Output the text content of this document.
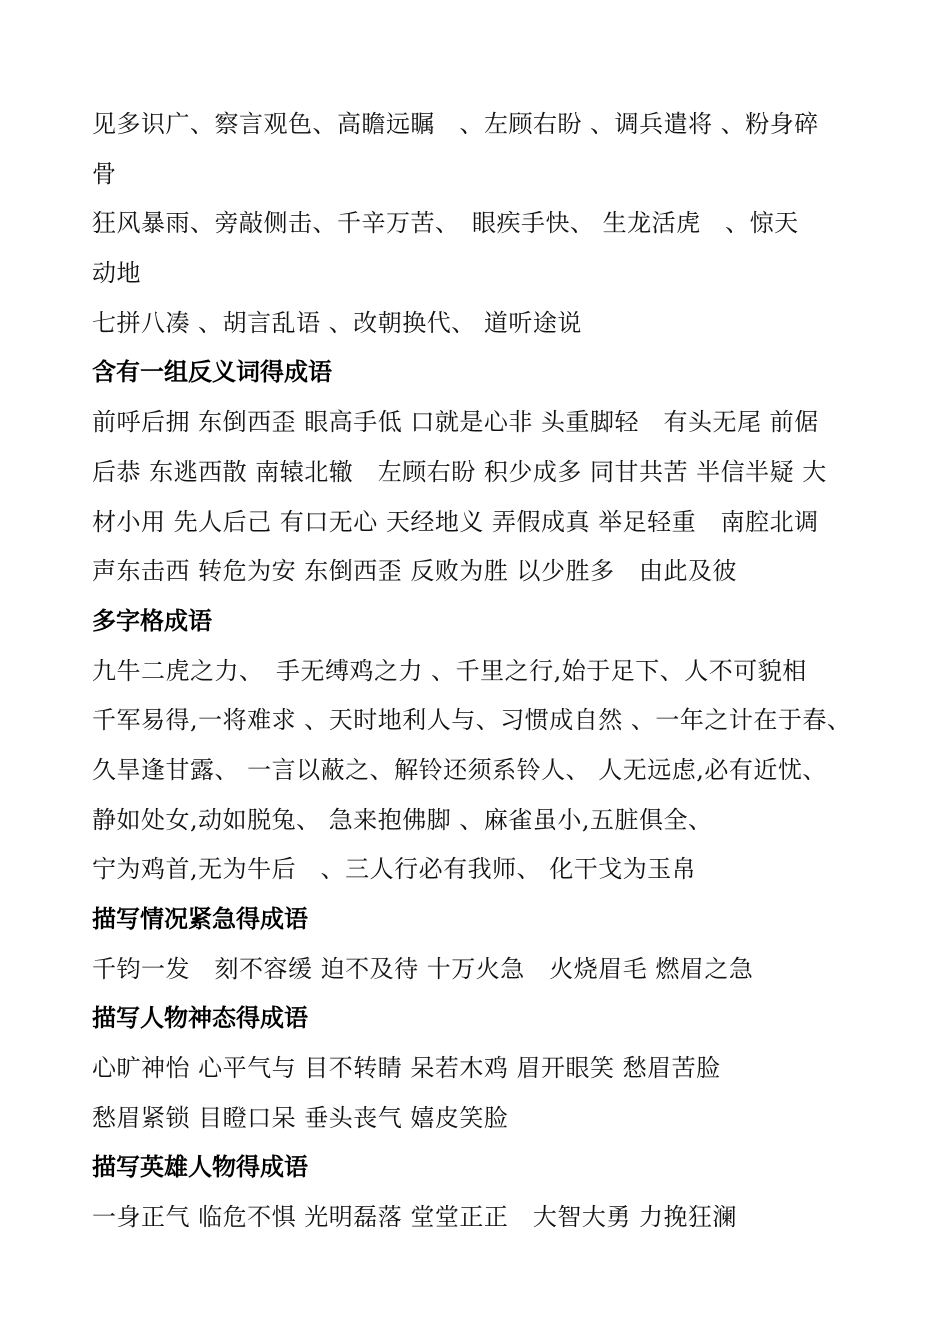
见多识广、察言观色、高瞻远瞩　、左顾右盼 、调兵遣将 、粉身碎
骨
狂风暴雨、旁敲侧击、千辛万苦、　眼疾手快、 生龙活虎　、惊天
动地
七拼八凑 、胡言乱语 、改朝换代、 道听途说
含有一组反义词得成语
前呼后拥 东倒西歪 眼高手低 口就是心非 头重脚轻　有头无尾 前倨
后恭 东逃西散 南辕北辙　左顾右盼 积少成多 同甘共苦 半信半疑 大
材小用 先人后己 有口无心 天经地义 弄假成真 举足轻重　南腔北调
声东击西 转危为安 东倒西歪 反败为胜 以少胜多　由此及彼
多字格成语
九牛二虎之力、　手无缚鸡之力 、千里之行,始于足下、人不可貌相
千军易得,一将难求 、天时地利人与、习惯成自然 、一年之计在于春、
久旱逢甘露、 一言以蔽之、解铃还须系铃人、 人无远虑,必有近忧、
静如处女,动如脱兔、 急来抱佛脚 、麻雀虽小,五脏俱全、
宁为鸡首,无为牛后　、三人行必有我师、 化干戈为玉帛
描写情况紧急得成语
千钧一发　刻不容缓 迫不及待 十万火急　火烧眉毛 燃眉之急
描写人物神态得成语
心旷神怡 心平气与 目不转睛 呆若木鸡 眉开眼笑 愁眉苦脸
愁眉紧锁 目瞪口呆 垂头丧气 嬉皮笑脸
描写英雄人物得成语
一身正气 临危不惧 光明磊落 堂堂正正　大智大勇 力挽狂澜
